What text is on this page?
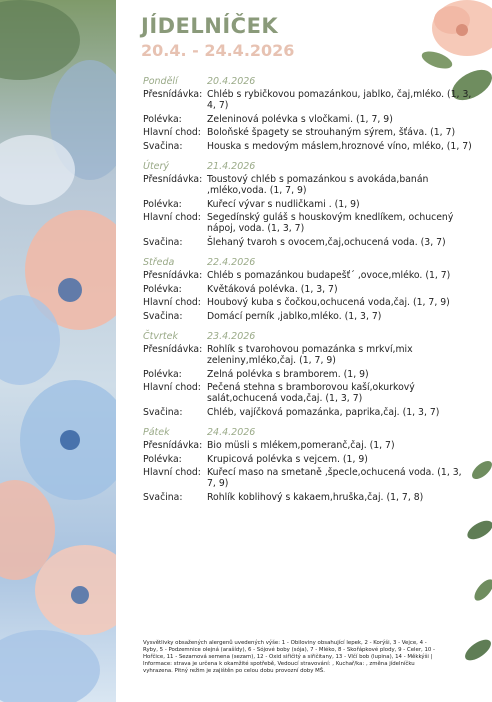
JÍDELNÍČEK
20.4. - 24.4.2026
Pondělí	20.4.2026
Přesnídávka: Chléb s rybičkovou pomazánkou, jablko, čaj,mléko. (1, 3, 4, 7)
Polévka:	Zeleninová polévka s vločkami. (1, 7, 9)
Hlavní chod: Boloňské špagety se strouhaným sýrem, šťáva. (1, 7)
Svačina:	Houska s medovým máslem,hroznové víno, mléko, (1, 7)
Úterý	21.4.2026
Přesnídávka: Toustový chléb s pomazánkou s avokáda,banán ,mléko,voda. (1, 7, 9)
Polévka:	Kuřecí vývar s nudličkami . (1, 9)
Hlavní chod: Segedínský guláš s houskovým knedlíkem, ochucený nápoj, voda. (1, 3, 7)
Svačina:	Šlehaný tvaroh s ovocem,čaj,ochucená voda. (3, 7)
Středa	22.4.2026
Přesnídávka: Chléb s pomazánkou budapešť´ ,ovoce,mléko. (1, 7)
Polévka:	Květáková polévka. (1, 3, 7)
Hlavní chod: Houbový kuba s čočkou,ochucená voda,čaj. (1, 7, 9)
Svačina:	Domácí perník ,jablko,mléko. (1, 3, 7)
Čtvrtek	23.4.2026
Přesnídávka: Rohlík s tvarohovou pomazánka s mrkví,mix zeleniny,mléko,čaj. (1, 7, 9)
Polévka:	Zelná polévka s bramborem. (1, 9)
Hlavní chod: Pečená stehna s bramborovou kaší,okurkový salát,ochucená voda,čaj. (1, 3, 7)
Svačina:	Chléb, vajíčková pomazánka, paprika,čaj. (1, 3, 7)
Pátek	24.4.2026
Přesnídávka: Bio müsli s mlékem,pomeranč,čaj. (1, 7)
Polévka:	Krupicová polévka s vejcem. (1, 9)
Hlavní chod: Kuřecí maso na smetaně ,špecle,ochucená voda. (1, 3, 7, 9)
Svačina:	Rohlík koblihový s kakaem,hruška,čaj. (1, 7, 8)
Vysvětlivky obsažených alergenů uvedených výše: 1 - Obiloviny obsahující lepek, 2 - Korýši, 3 - Vejce, 4 - Ryby, 5 - Podzemnice olejná (arašídy), 6 - Sójové boby (sója), 7 - Mléko, 8 - Skořápkové plody, 9 - Celer, 10 - Hořčice, 11 - Sezamová semena (sezam), 12 - Oxid siřičitý a siřičitany, 13 - Vlčí bob (lupina), 14 - Měkkýši | Informace: strava je určena k okamžité spotřebě, Vedoucí stravování: , Kuchař/ka: , změna jídelníčku vyhrazena. Pitný režim je zajištěn po celou dobu provozní doby MŠ.
